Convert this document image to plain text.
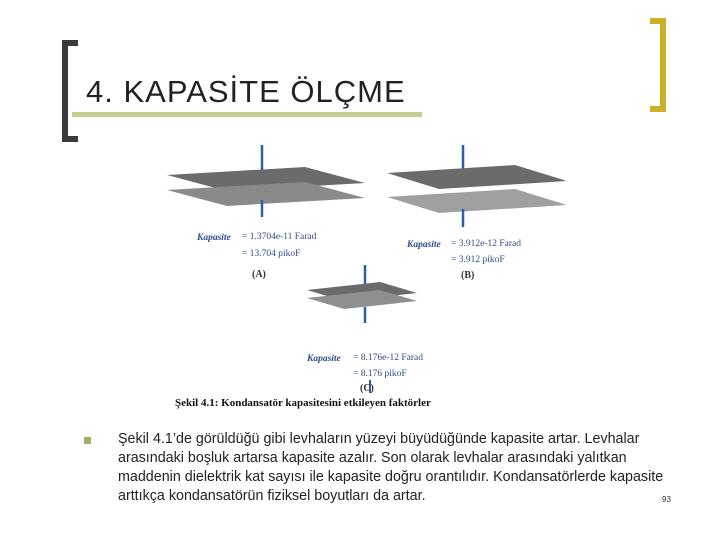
4. KAPASİTE ÖLÇME
Kapasite = 1.3704e-11 Farad
= 13.704 pikoF
(A)
Kapasite = 3.912e-12 Farad
= 3.912 pikoF
(B)
Kapasite = 8.176e-12 Farad
= 8.176 pikoF
(C)
Şekil 4.1: Kondansatör kapasitesini etkileyen faktörler
Şekil 4.1’de görüldüğü gibi levhaların yüzeyi büyüdüğünde kapasite artar. Levhalar arasındaki boşluk artarsa kapasite azalır. Son olarak levhalar arasındaki yalıtkan maddenin dielektrik kat sayısı ile kapasite doğru orantılıdır. Kondansatörlerde kapasite arttıkça kondansatörün fiziksel boyutları da artar.	93
